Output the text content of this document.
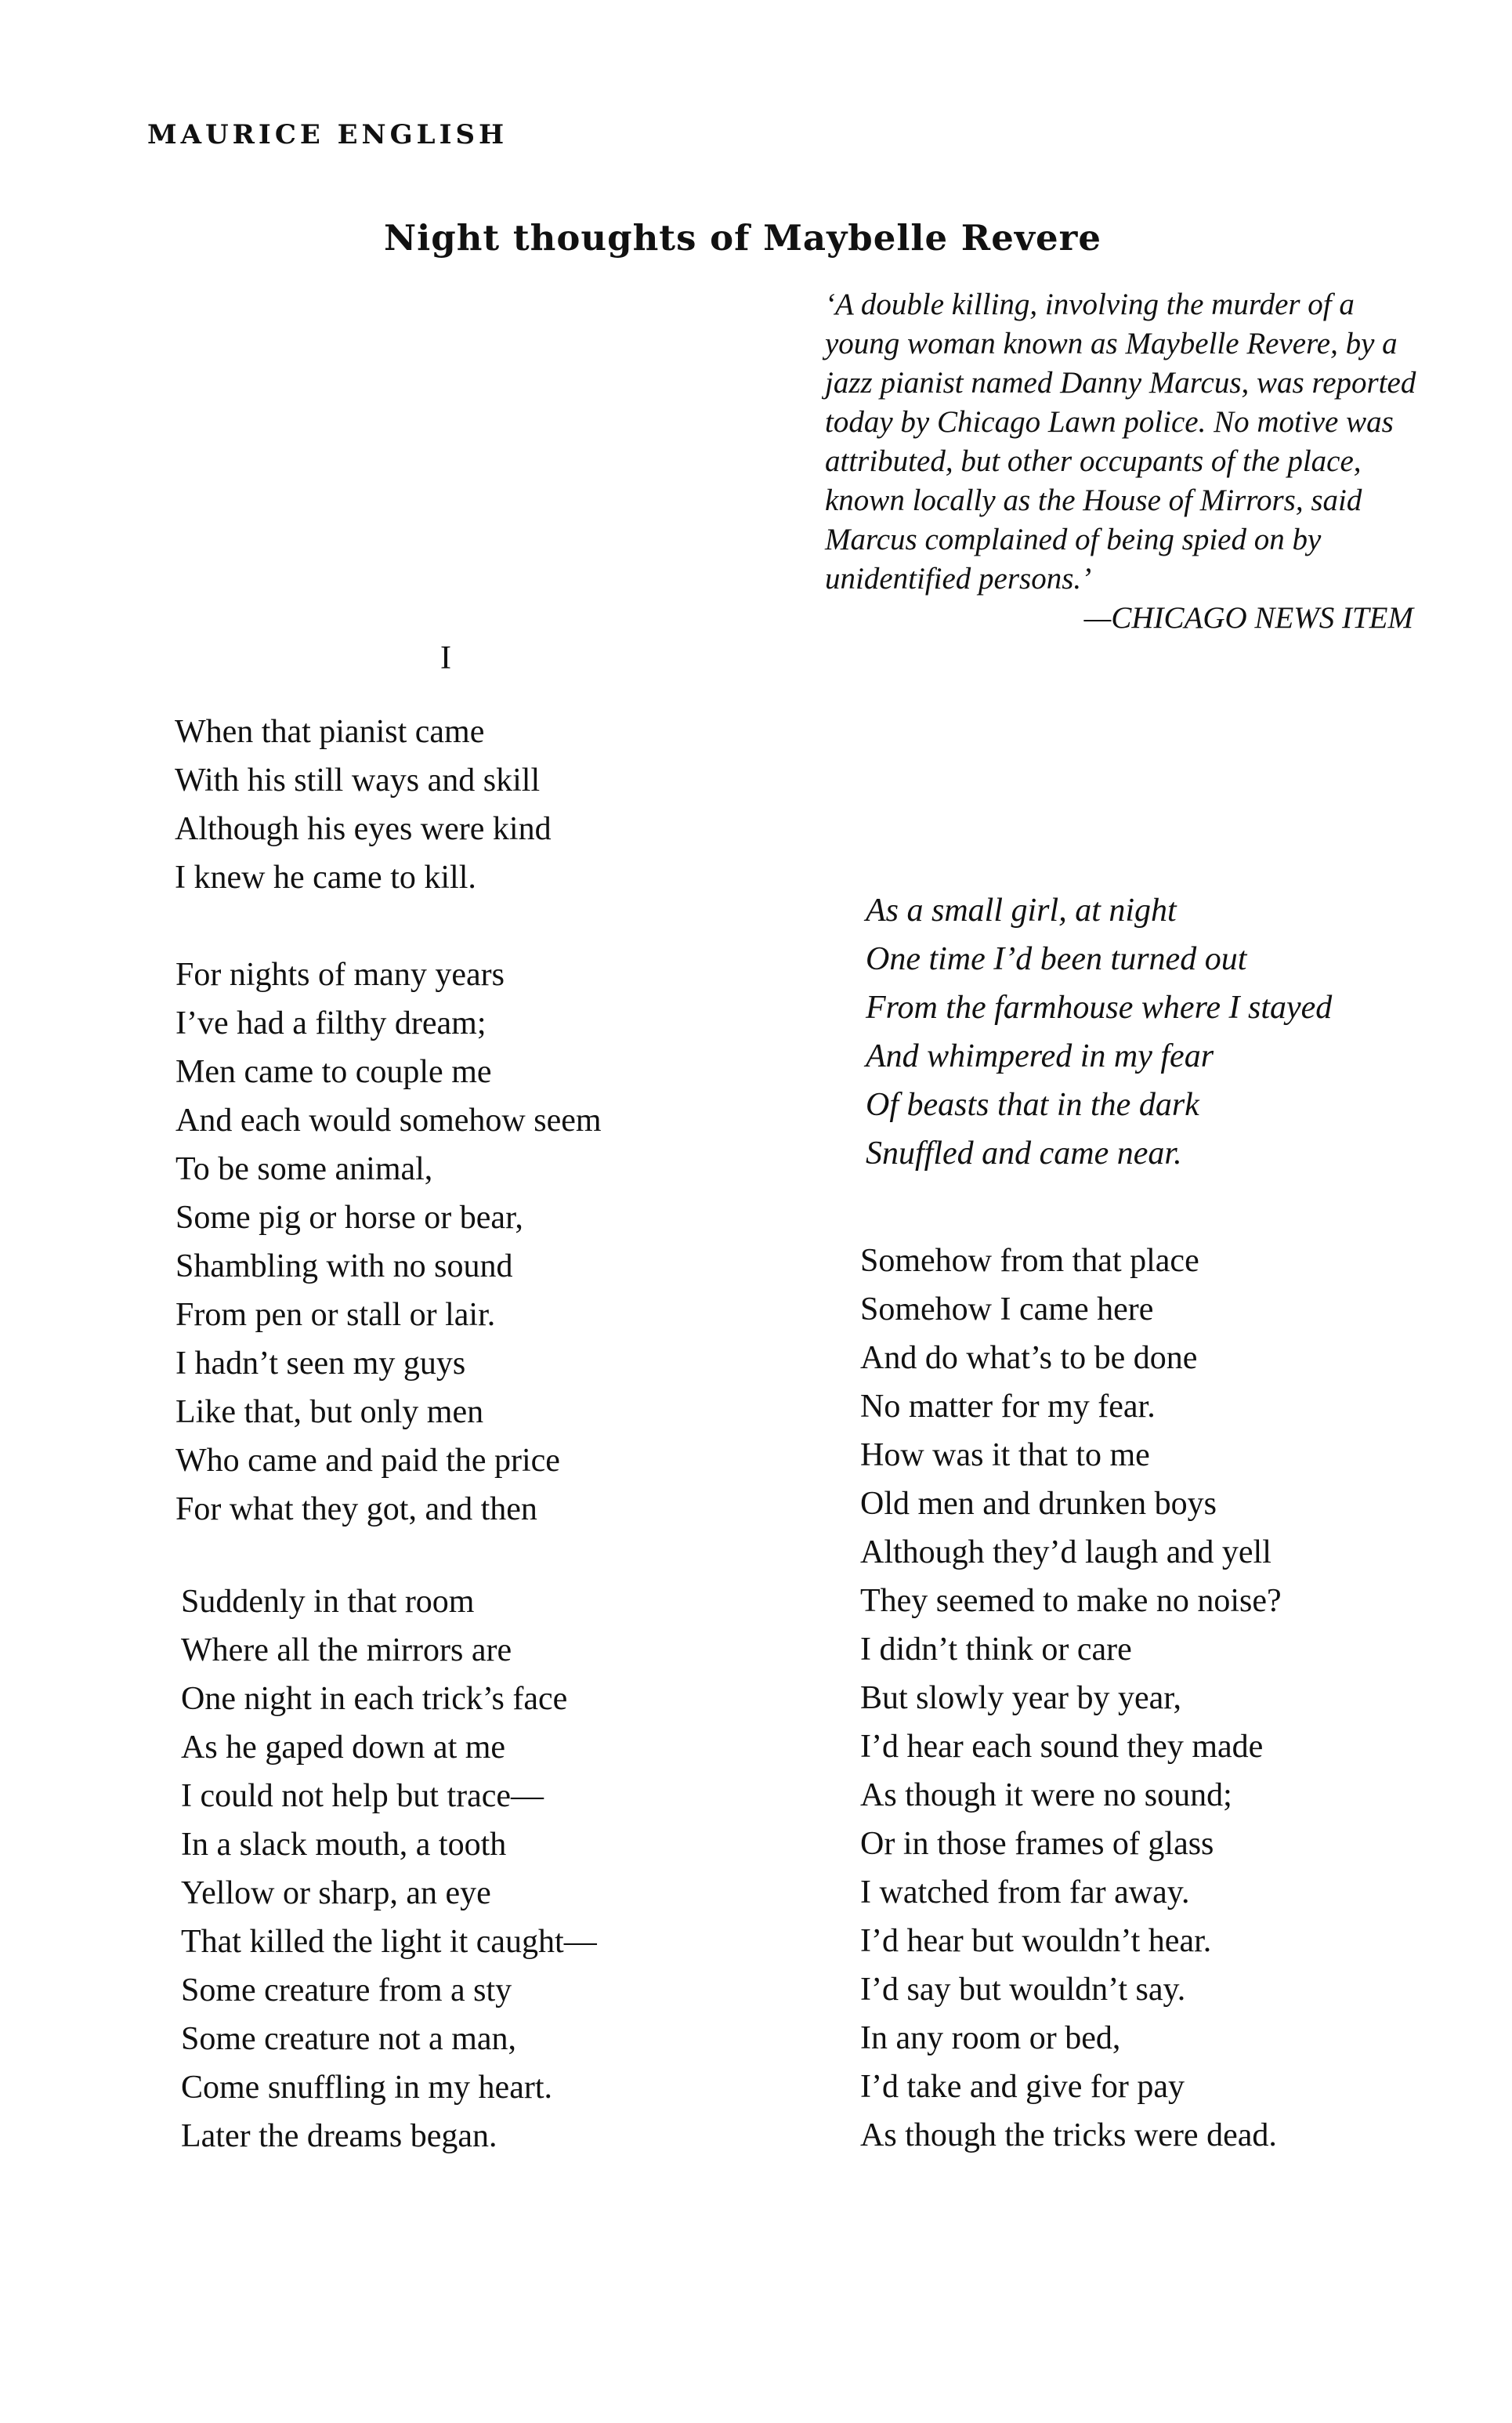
MAURICE ENGLISH
Night thoughts of Maybelle Revere
‘A double killing, involving the murder of a young woman known as Maybelle Revere, by a jazz pianist named Danny Marcus, was reported today by Chicago Lawn police. No motive was attributed, but other occupants of the place, known locally as the House of Mirrors, said Marcus complained of being spied on by unidentified persons.’
—CHICAGO NEWS ITEM

I

When that pianist came
With his still ways and skill
Although his eyes were kind
I knew he came to kill.
For nights of many years
I’ve had a filthy dream;
Men came to couple me
And each would somehow seem
To be some animal,
Some pig or horse or bear,
Shambling with no sound
From pen or stall or lair.
I hadn’t seen my guys
Like that, but only men
Who came and paid the price
For what they got, and then
Suddenly in that room
Where all the mirrors are
One night in each trick’s face
As he gaped down at me
I could not help but trace—
In a slack mouth, a tooth
Yellow or sharp, an eye
That killed the light it caught—
Some creature from a sty
Some creature not a man,
Come snuffling in my heart.
Later the dreams began.
As a small girl, at night
One time I’d been turned out
From the farmhouse where I stayed
And whimpered in my fear
Of beasts that in the dark
Snuffled and came near.
Somehow from that place
Somehow I came here
And do what’s to be done
No matter for my fear.
How was it that to me
Old men and drunken boys
Although they’d laugh and yell
They seemed to make no noise?
I didn’t think or care
But slowly year by year,
I’d hear each sound they made
As though it were no sound;
Or in those frames of glass
I watched from far away.
I’d hear but wouldn’t hear.
I’d say but wouldn’t say.
In any room or bed,
I’d take and give for pay
As though the tricks were dead.
